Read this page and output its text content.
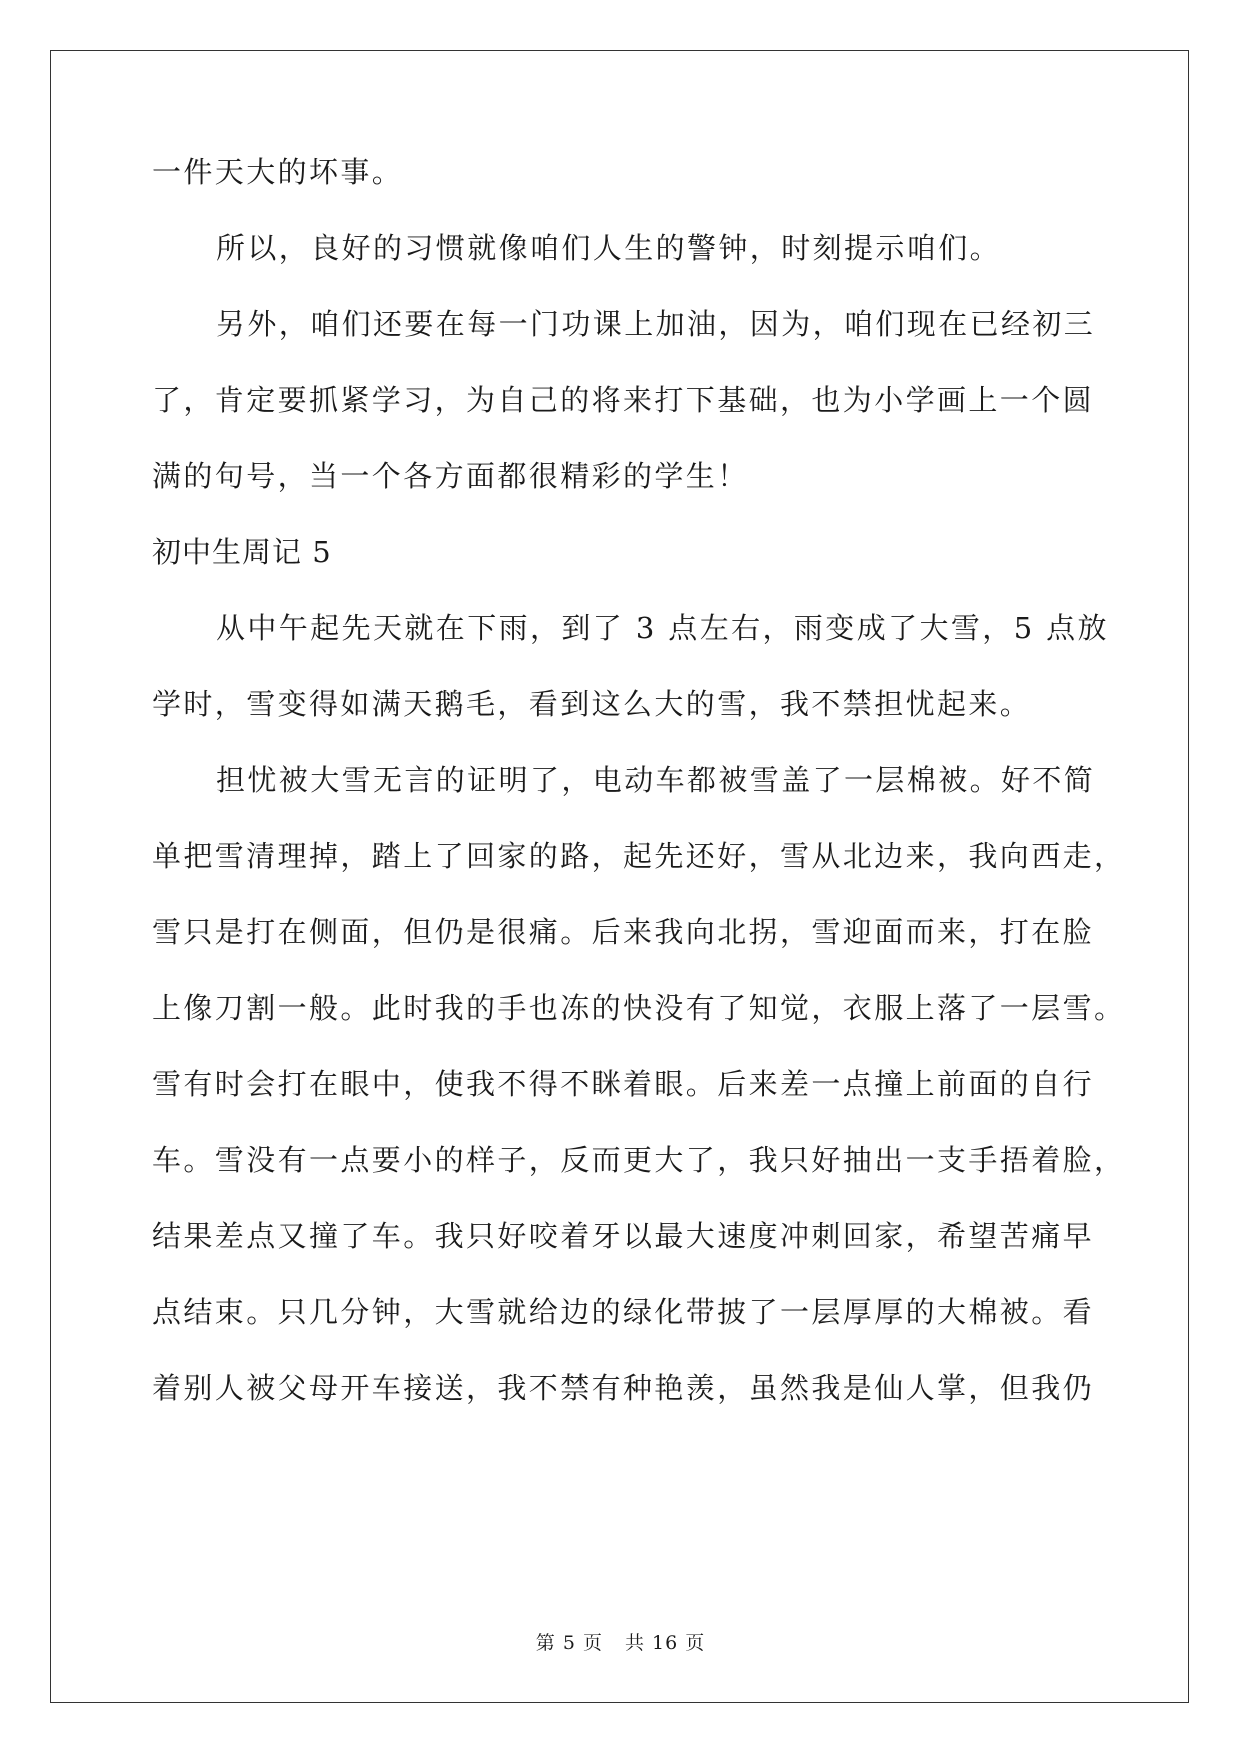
一件天大的坏事。
所以，良好的习惯就像咱们人生的警钟，时刻提示咱们。
另外，咱们还要在每一门功课上加油，因为，咱们现在已经初三
了，肯定要抓紧学习，为自己的将来打下基础，也为小学画上一个圆
满的句号，当一个各方面都很精彩的学生！
初中生周记 5
从中午起先天就在下雨，到了 3 点左右，雨变成了大雪，5 点放
学时，雪变得如满天鹅毛，看到这么大的雪，我不禁担忧起来。
担忧被大雪无言的证明了，电动车都被雪盖了一层棉被。好不简
单把雪清理掉，踏上了回家的路，起先还好，雪从北边来，我向西走，
雪只是打在侧面，但仍是很痛。后来我向北拐，雪迎面而来，打在脸
上像刀割一般。此时我的手也冻的快没有了知觉，衣服上落了一层雪。
雪有时会打在眼中，使我不得不眯着眼。后来差一点撞上前面的自行
车。雪没有一点要小的样子，反而更大了，我只好抽出一支手捂着脸，
结果差点又撞了车。我只好咬着牙以最大速度冲刺回家，希望苦痛早
点结束。只几分钟，大雪就给边的绿化带披了一层厚厚的大棉被。看
着别人被父母开车接送，我不禁有种艳羡，虽然我是仙人掌，但我仍
第 5 页 共 16 页
